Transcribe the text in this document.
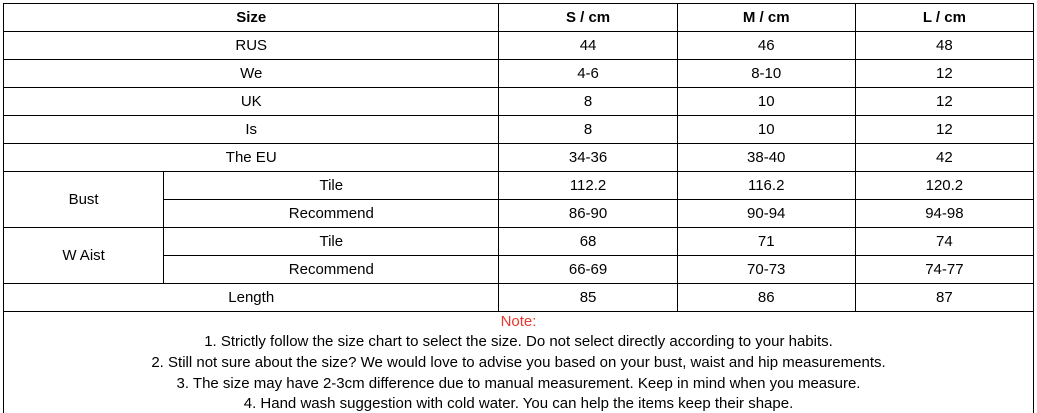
Size		S / cm	M / cm	L / cm
RUS		44	46	48
We		4-6	8-10	12
UK		8	10	12
Is		8	10	12
The EU		34-36	38-40	42
Bust	Tile	112.2	116.2	120.2
	Recommend	86-90	90-94	94-98
W Aist	Tile	68	71	74
	Recommend	66-69	70-73	74-77
Length		85	86	87

Note:
1. Strictly follow the size chart to select the size. Do not select directly according to your habits.
2. Still not sure about the size? We would love to advise you based on your bust, waist and hip measurements.
3. The size may have 2-3cm difference due to manual measurement. Keep in mind when you measure.
4. Hand wash suggestion with cold water. You can help the items keep their shape.				
